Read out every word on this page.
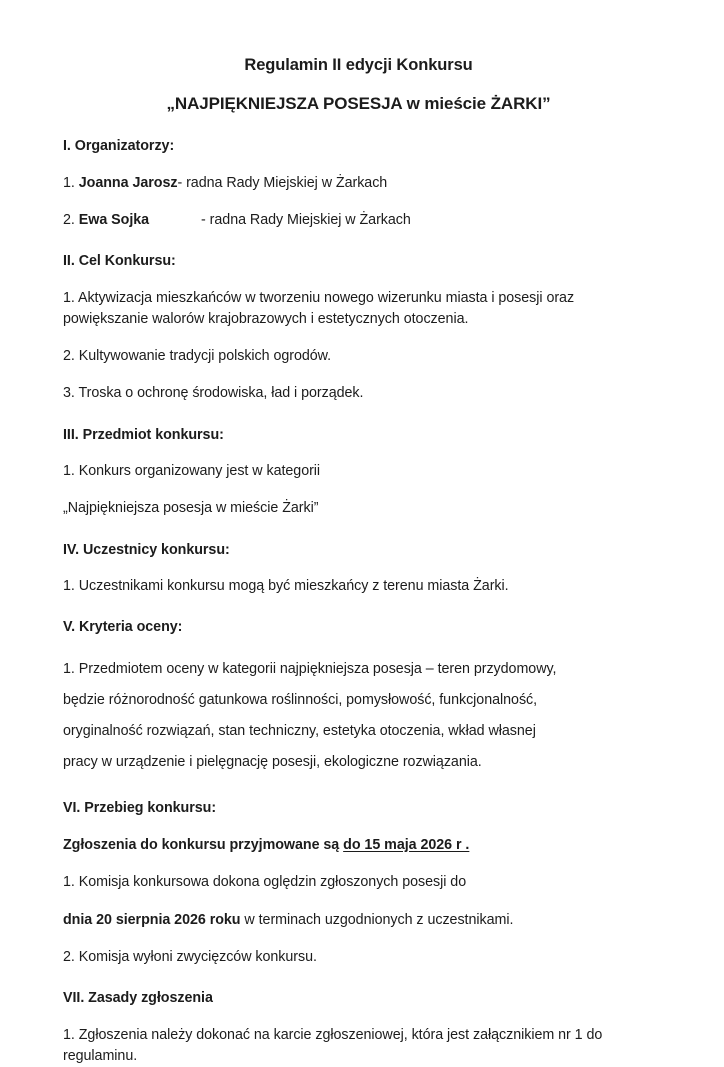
Regulamin II edycji Konkursu
„NAJPIĘKNIEJSZA POSESJA w mieście ŻARKI”
I. Organizatorzy:
1. Joanna Jarosz- radna Rady Miejskiej w Żarkach
2. Ewa Sojka	- radna Rady Miejskiej w Żarkach
II. Cel Konkursu:

1. Aktywizacja mieszkańców w tworzeniu nowego wizerunku miasta i posesji oraz powiększanie walorów krajobrazowych i estetycznych otoczenia.

2. Kultywowanie tradycji polskich ogrodów.

3. Troska o ochronę środowiska, ład i porządek.

III. Przedmiot konkursu:

1. Konkurs organizowany jest w kategorii

„Najpiękniejsza posesja w mieście Żarki”

IV. Uczestnicy konkursu:

1. Uczestnikami konkursu mogą być mieszkańcy z terenu miasta Żarki.

V. Kryteria oceny:

1. Przedmiotem oceny w kategorii najpiękniejsza posesja – teren przydomowy,
będzie różnorodność gatunkowa roślinności, pomysłowość, funkcjonalność,
oryginalność rozwiązań, stan techniczny, estetyka otoczenia, wkład własnej
pracy w urządzenie i pielęgnację posesji, ekologiczne rozwiązania.

VI. Przebieg konkursu:

Zgłoszenia do konkursu przyjmowane są do 15 maja 2026 r .

1. Komisja konkursowa dokona oględzin zgłoszonych posesji do

dnia 20 sierpnia 2026 roku w terminach uzgodnionych z uczestnikami.

2. Komisja wyłoni zwycięzców konkursu.

VII. Zasady zgłoszenia

1. Zgłoszenia należy dokonać na karcie zgłoszeniowej, która jest załącznikiem nr 1 do regulaminu.
